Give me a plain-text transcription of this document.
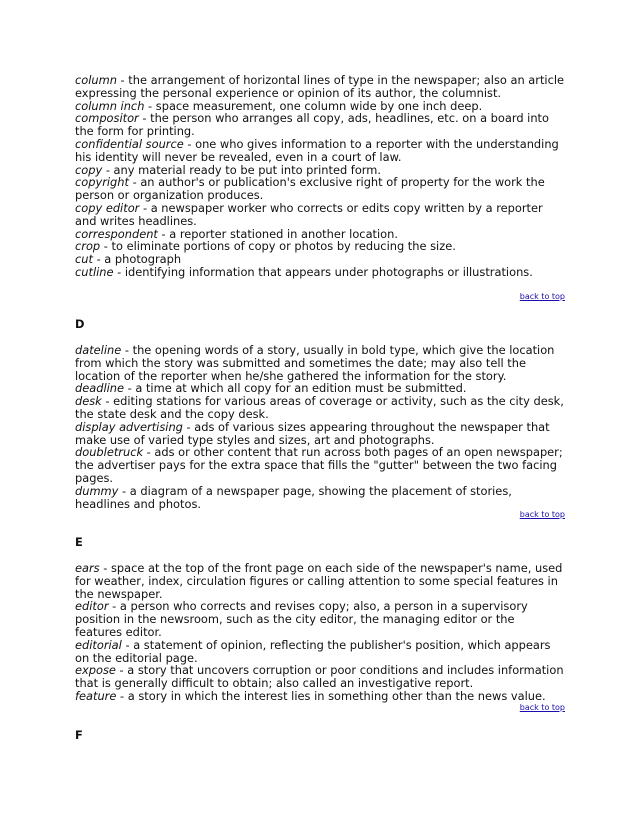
column - the arrangement of horizontal lines of type in the newspaper; also an article expressing the personal experience or opinion of its author, the columnist.

column inch - space measurement, one column wide by one inch deep.

compositor - the person who arranges all copy, ads, headlines, etc. on a board into the form for printing.

confidential source - one who gives information to a reporter with the understanding his identity will never be revealed, even in a court of law.

copy - any material ready to be put into printed form.

copyright - an author's or publication's exclusive right of property for the work the person or organization produces.

copy editor - a newspaper worker who corrects or edits copy written by a reporter and writes headlines.

correspondent - a reporter stationed in another location.

crop - to eliminate portions of copy or photos by reducing the size.

cut - a photograph

cutline - identifying information that appears under photographs or illustrations.

back to top

D

dateline - the opening words of a story, usually in bold type, which give the location from which the story was submitted and sometimes the date; may also tell the location of the reporter when he/she gathered the information for the story.

deadline - a time at which all copy for an edition must be submitted.

desk - editing stations for various areas of coverage or activity, such as the city desk, the state desk and the copy desk.

display advertising - ads of various sizes appearing throughout the newspaper that make use of varied type styles and sizes, art and photographs.

doubletruck - ads or other content that run across both pages of an open newspaper; the advertiser pays for the extra space that fills the "gutter" between the two facing pages.

dummy - a diagram of a newspaper page, showing the placement of stories, headlines and photos.

back to top

E

ears - space at the top of the front page on each side of the newspaper's name, used for weather, index, circulation figures or calling attention to some special features in the newspaper.

editor - a person who corrects and revises copy; also, a person in a supervisory position in the newsroom, such as the city editor, the managing editor or the features editor.

editorial - a statement of opinion, reflecting the publisher's position, which appears on the editorial page.

expose - a story that uncovers corruption or poor conditions and includes information that is generally difficult to obtain; also called an investigative report.

feature - a story in which the interest lies in something other than the news value.

back to top

F
